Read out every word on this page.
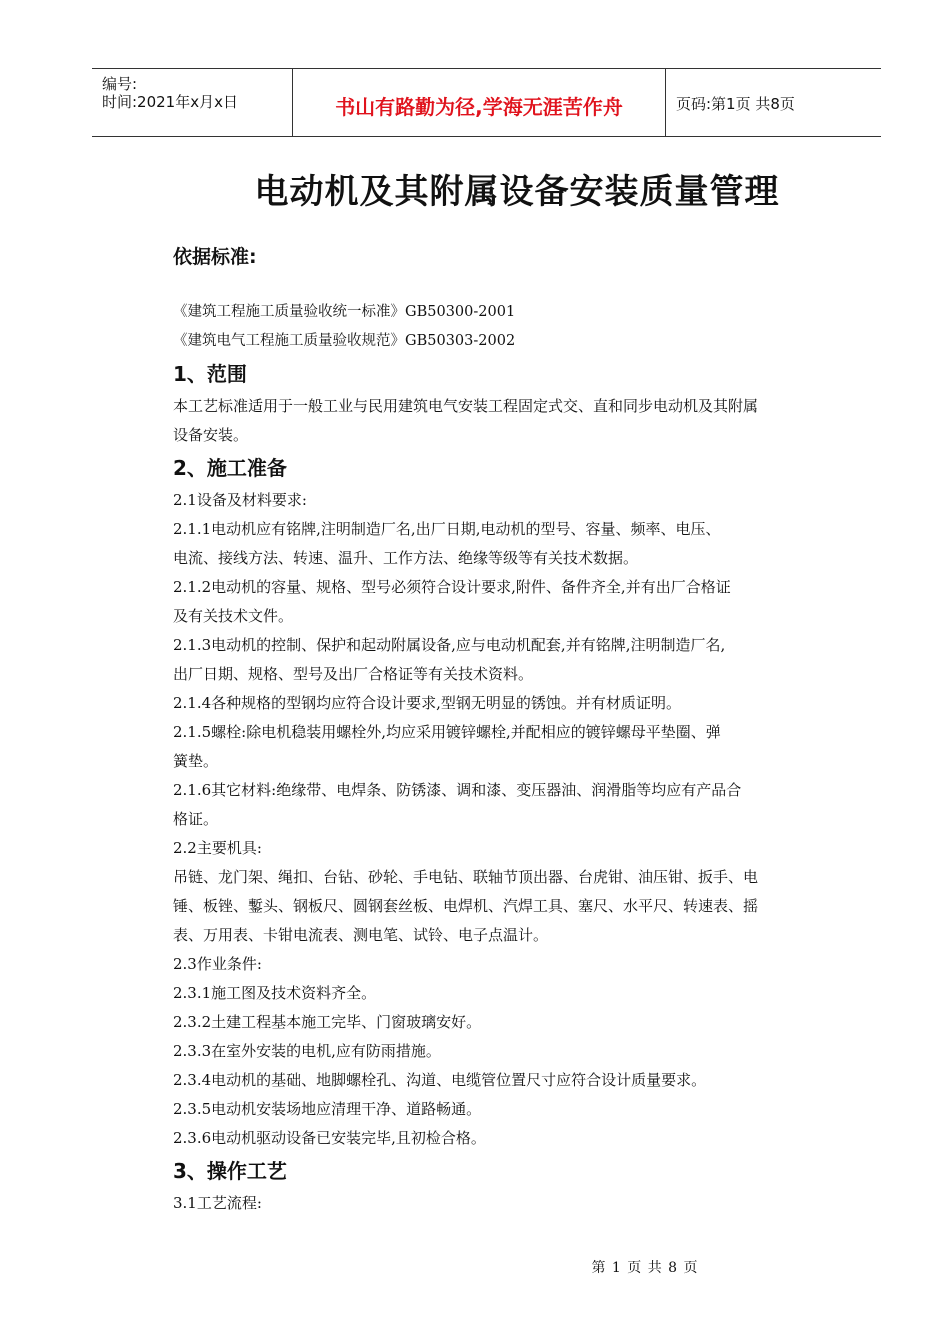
编号:
时间:2021年x月x日	书山有路勤为径,学海无涯苦作舟	页码:第1页 共8页
电动机及其附属设备安装质量管理
依据标准:
《建筑工程施工质量验收统一标准》GB50300-2001
《建筑电气工程施工质量验收规范》GB50303-2002
1、范围
本工艺标准适用于一般工业与民用建筑电气安装工程固定式交、直和同步电动机及其附属
设备安装。
2、施工准备
2.1设备及材料要求:
2.1.1电动机应有铭牌,注明制造厂名,出厂日期,电动机的型号、容量、频率、电压、
电流、接线方法、转速、温升、工作方法、绝缘等级等有关技术数据。
2.1.2电动机的容量、规格、型号必须符合设计要求,附件、备件齐全,并有出厂合格证
及有关技术文件。
2.1.3电动机的控制、保护和起动附属设备,应与电动机配套,并有铭牌,注明制造厂名,
出厂日期、规格、型号及出厂合格证等有关技术资料。
2.1.4各种规格的型钢均应符合设计要求,型钢无明显的锈蚀。并有材质证明。
2.1.5螺栓:除电机稳装用螺栓外,均应采用镀锌螺栓,并配相应的镀锌螺母平垫圈、弹
簧垫。
2.1.6其它材料:绝缘带、电焊条、防锈漆、调和漆、变压器油、润滑脂等均应有产品合
格证。
2.2主要机具:
吊链、龙门架、绳扣、台钻、砂轮、手电钻、联轴节顶出器、台虎钳、油压钳、扳手、电
锤、板锉、鏨头、钢板尺、圆钢套丝板、电焊机、汽焊工具、塞尺、水平尺、转速表、摇
表、万用表、卡钳电流表、测电笔、试铃、电子点温计。
2.3作业条件:
2.3.1施工图及技术资料齐全。
2.3.2土建工程基本施工完毕、门窗玻璃安好。
2.3.3在室外安装的电机,应有防雨措施。
2.3.4电动机的基础、地脚螺栓孔、沟道、电缆管位置尺寸应符合设计质量要求。
2.3.5电动机安装场地应清理干净、道路畅通。
2.3.6电动机驱动设备已安装完毕,且初检合格。
3、操作工艺
3.1工艺流程:
第 1 页 共 8 页
